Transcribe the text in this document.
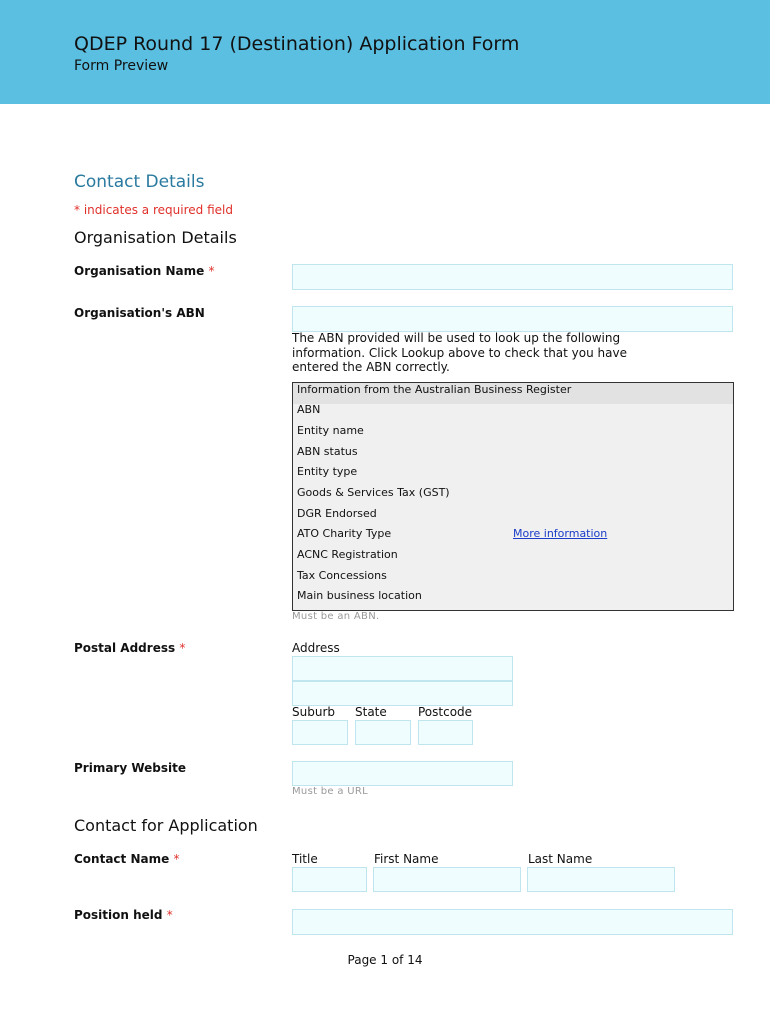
QDEP Round 17 (Destination) Application Form
Form Preview
Contact Details
* indicates a required field
Organisation Details
Organisation Name *
Organisation's ABN
The ABN provided will be used to look up the following information. Click Lookup above to check that you have entered the ABN correctly.
Information from the Australian Business Register
ABN
Entity name
ABN status
Entity type
Goods & Services Tax (GST)
DGR Endorsed
ATO Charity Type	More information
ACNC Registration
Tax Concessions
Main business location
Must be an ABN.
Postal Address *	Address
Suburb State	Postcode
Primary Website
Must be a URL
Contact for Application
Contact Name *	Title	First Name	Last Name
Position held *
Page 1 of 14
